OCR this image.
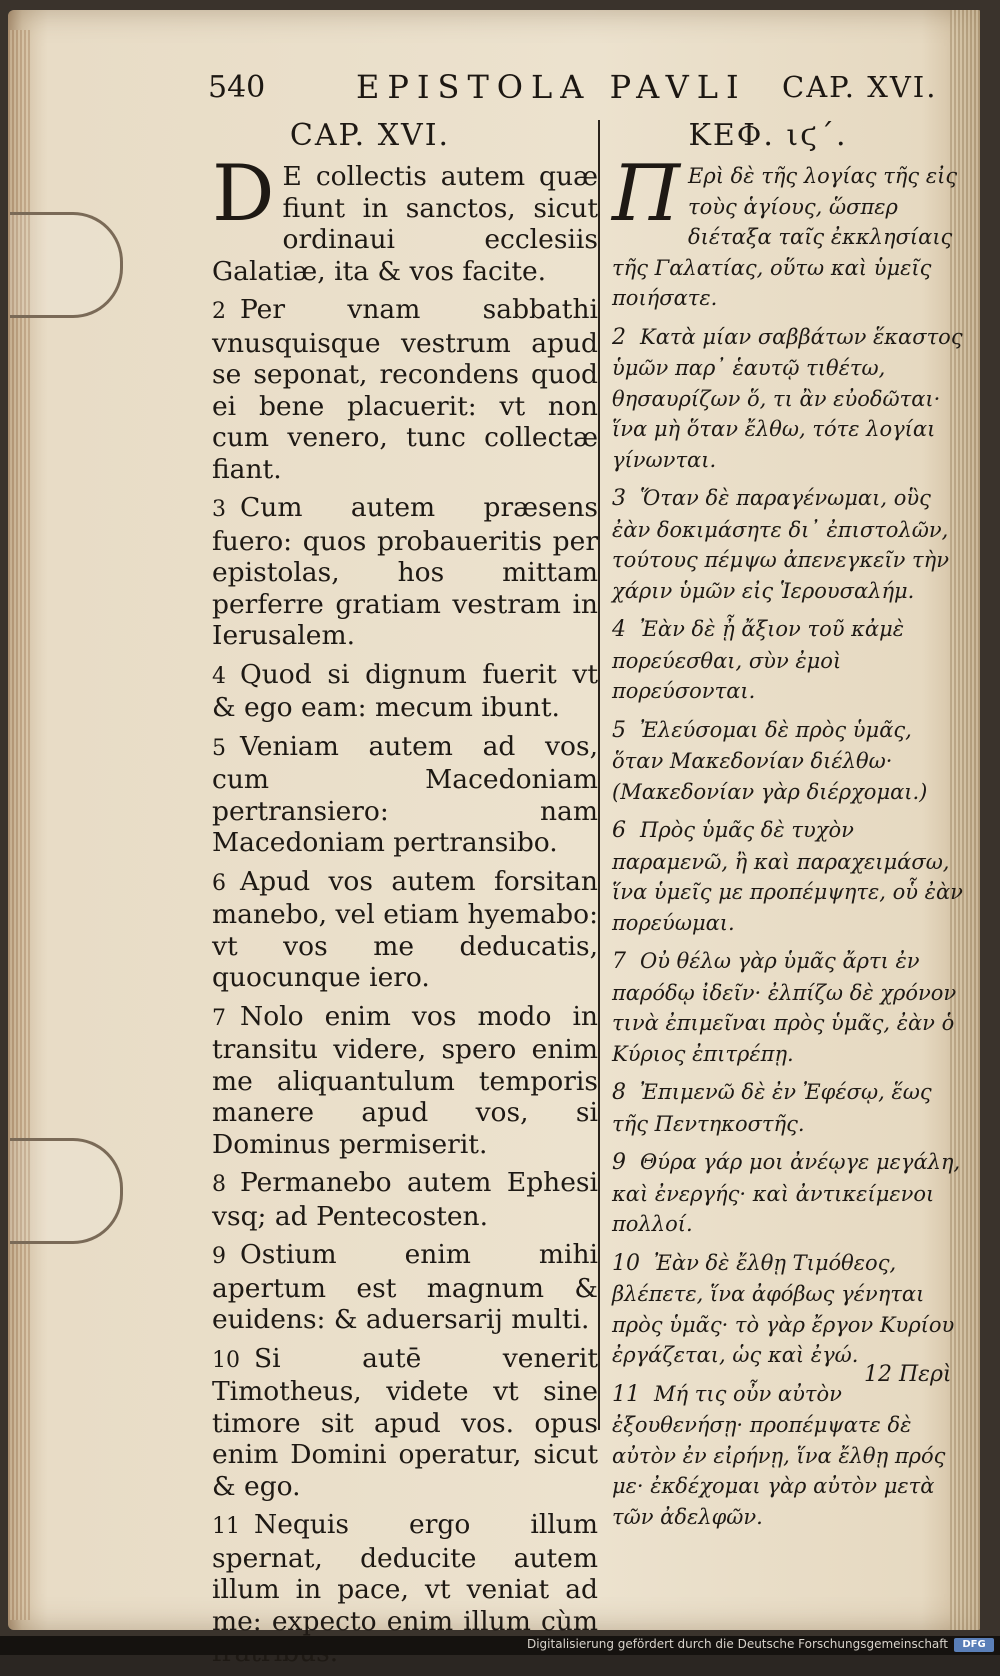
540	EPISTOLA PAVLI CAP. XVI.
CAP. XVI.

D E collectis autem quæ fiunt in sanctos, sicut ordinaui ecclesiis Galatiæ, ita & vos facite.

2 Per vnam sabbathi vnusquisque vestrum apud se seponat, recondens quod ei bene placuerit: vt non cum venero, tunc collectæ fiant.

3 Cum autem præsens fuero: quos probaueritis per epistolas, hos mittam perferre gratiam vestram in Ierusalem.

4 Quod si dignum fuerit vt & ego eam: mecum ibunt.

5 Veniam autem ad vos, cum Macedoniam pertransiero: nam Macedoniam pertransibo.

6 Apud vos autem forsitan manebo, vel etiam hyemabo: vt vos me deducatis, quocunque iero.

7 Nolo enim vos modo in transitu videre, spero enim me aliquantulum temporis manere apud vos, si Dominus permiserit.

8 Permanebo autem Ephesi vsq; ad Pentecosten.

9 Ostium enim mihi apertum est magnum & euidens: & aduersarij multi.

10 Si autē venerit Timotheus, videte vt sine timore sit apud vos. opus enim Domini operatur, sicut & ego.

11 Nequis ergo illum spernat, deducite autem illum in pace, vt veniat ad me: expecto enim illum cùm

ΚΕΦ. ιϛ΄.

Π Ερὶ δὲ τῆς λογίας τῆς εἰς τοὺς ἁγίους, ὥσπερ διέταξα ταῖς ἐκκλησίαις τῆς Γαλατίας, οὕτω καὶ ὑμεῖς ποιήσατε.

2 Κατὰ μίαν σαββάτων ἕκαστος ὑμῶν παρ᾽ ἑαυτῷ τιθέτω, θησαυρίζων ὅ, τι ἂν εὐοδῶται· ἵνα μὴ ὅταν ἔλθω, τότε λογίαι γίνωνται.

3 Ὅταν δὲ παραγένωμαι, οὓς ἐὰν δοκιμάσητε δι᾽ ἐπιστολῶν, τούτους πέμψω ἀπενεγκεῖν τὴν χάριν ὑμῶν εἰς Ἱερουσαλήμ.

4 Ἐὰν δὲ ᾖ ἄξιον τοῦ κἀμὲ πορεύεσθαι, σὺν ἐμοὶ πορεύσονται.

5 Ἐλεύσομαι δὲ πρὸς ὑμᾶς, ὅταν Μακεδονίαν διέλθω· (Μακεδονίαν γὰρ διέρχομαι.)

6 Πρὸς ὑμᾶς δὲ τυχὸν παραμενῶ, ἢ καὶ παραχειμάσω, ἵνα ὑμεῖς με προπέμψητε, οὗ ἐὰν πορεύωμαι.

7 Οὐ θέλω γὰρ ὑμᾶς ἄρτι ἐν παρόδῳ ἰδεῖν· ἐλπίζω δὲ χρόνον τινὰ ἐπιμεῖναι πρὸς ὑμᾶς, ἐὰν ὁ Κύριος ἐπιτρέπῃ.

8 Ἐπιμενῶ δὲ ἐν Ἐφέσῳ, ἕως τῆς Πεντηκοστῆς.

9 Θύρα γάρ μοι ἀνέῳγε μεγάλη, καὶ ἐνεργής· καὶ ἀντικείμενοι πολλοί.

10 Ἐὰν δὲ ἔλθῃ Τιμόθεος, βλέπετε, ἵνα ἀφόβως γένηται πρὸς ὑμᾶς· τὸ γὰρ ἔργον Κυρίου ἐργάζεται, ὡς καὶ ἐγώ.

11 Μή τις οὖν αὐτὸν ἐξουθενήσῃ· προπέμψατε δὲ αὐτὸν ἐν εἰρήνῃ, ἵνα ἔλθῃ πρός με· ἐκδέχομαι γὰρ αὐτὸν μετὰ τῶν ἀδελφῶν.

12 Περὶ
Digitalisierung gefördert durch die Deutsche Forschungsgemeinschaft	DFG
